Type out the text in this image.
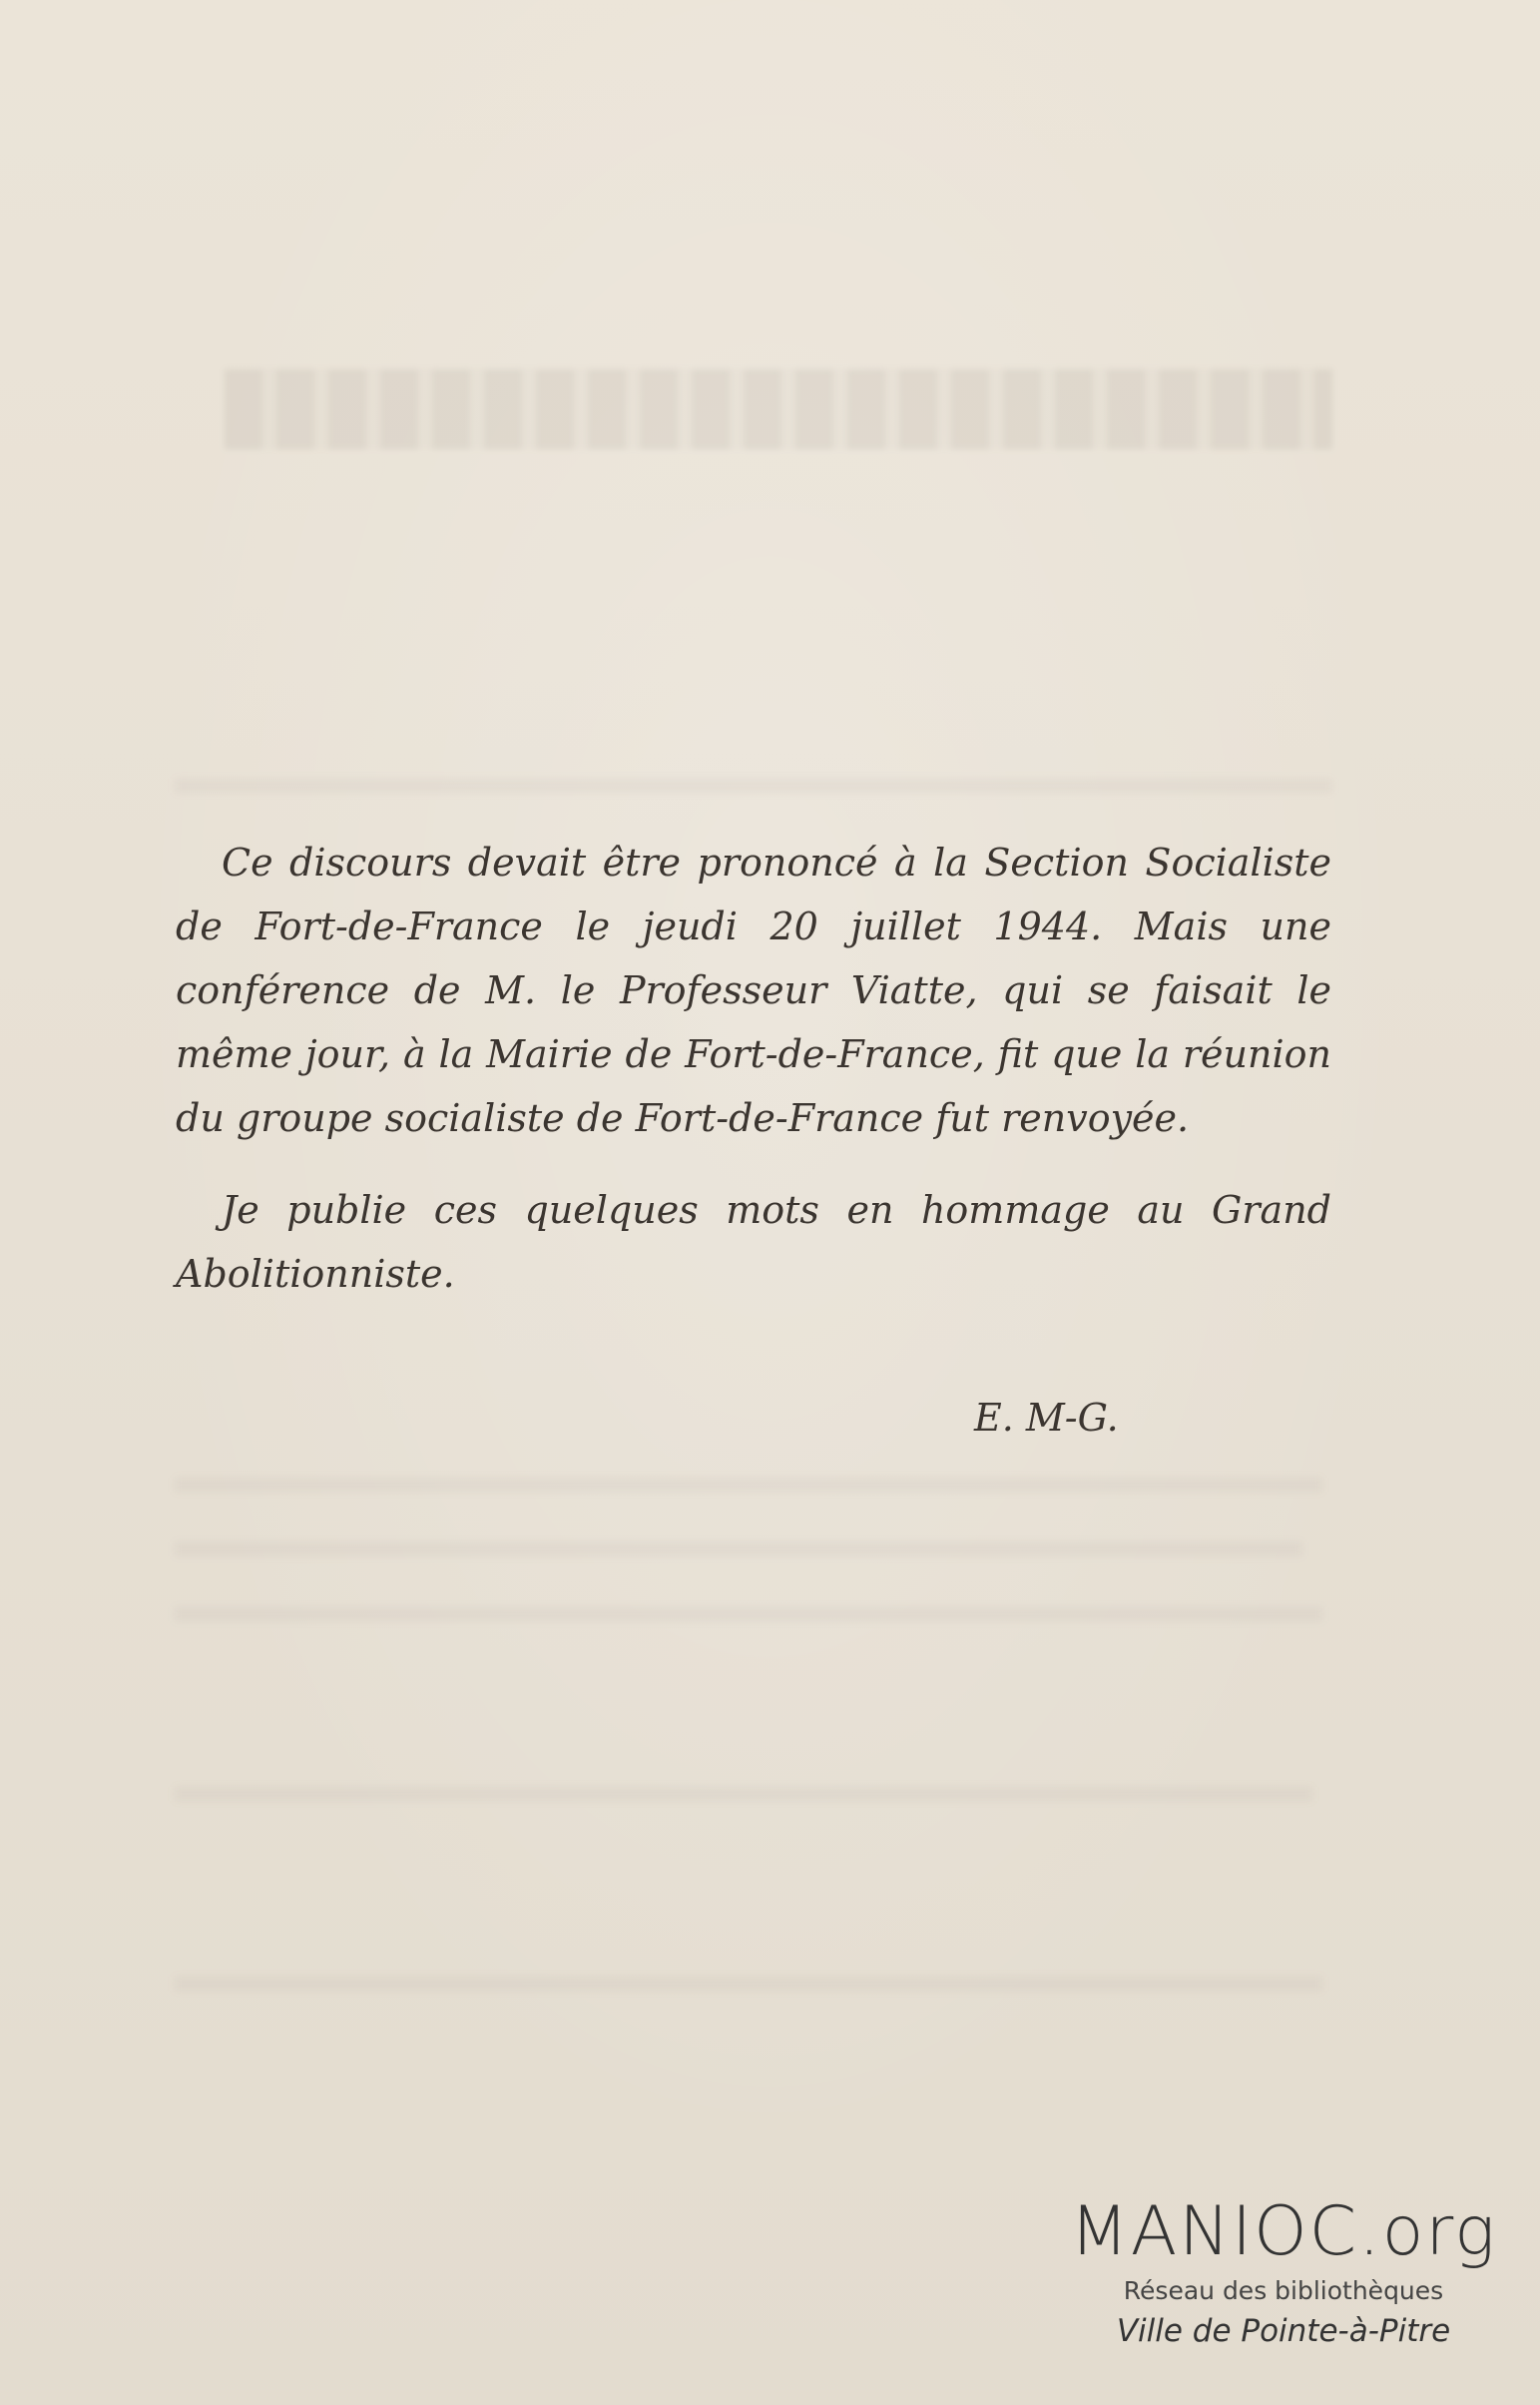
Ce discours devait être prononcé à la Section Socialiste de Fort-de-France le jeudi 20 juillet 1944. Mais une conférence de M. le Professeur Viatte, qui se faisait le même jour, à la Mairie de Fort-de-France, fit que la réunion du groupe socialiste de Fort-de-France fut renvoyée.

Je publie ces quelques mots en hommage au Grand Abolitionniste.

E. M-G.
MANIOC.org
Réseau des bibliothèques
Ville de Pointe-à-Pitre
